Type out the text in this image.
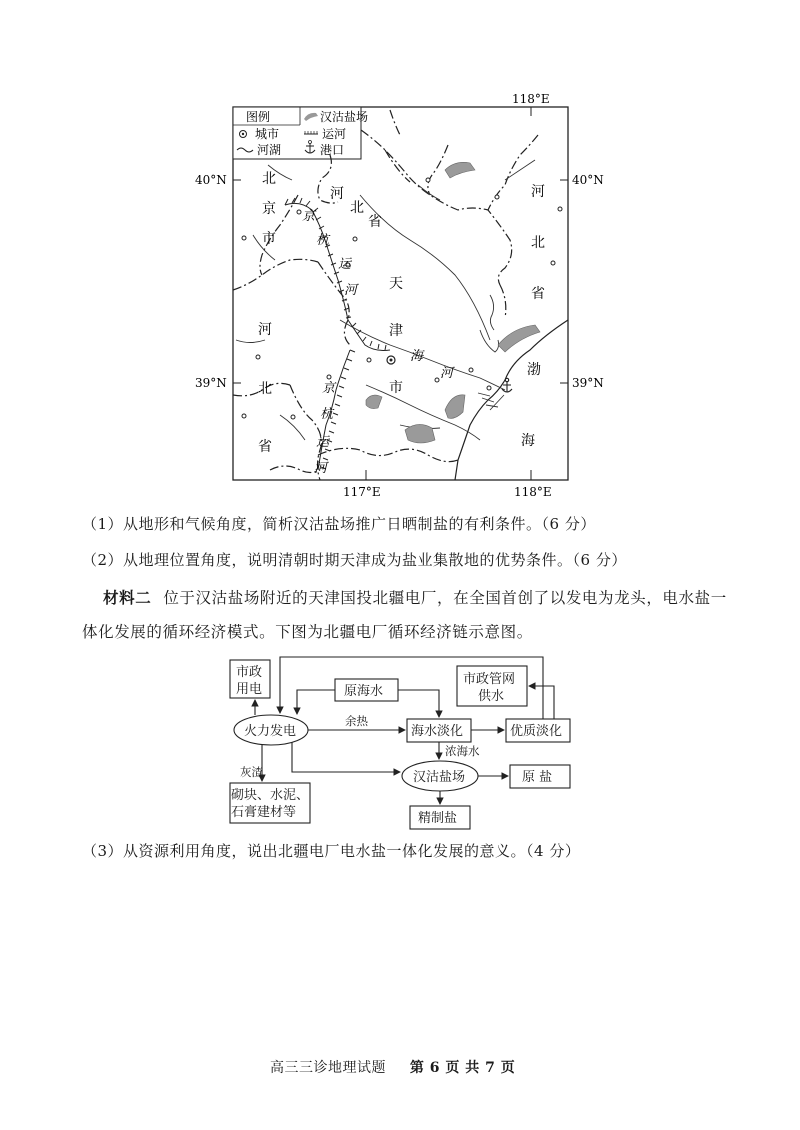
图例	汉沽盐场
城市	运河
河湖	港口
118°E
117°E	118°E
40°N	40°N
39°N	39°N
北
京
市
河
北
省
河
北
省
河
北
省
天
津
市
渤
海
京
杭
运
河
京
杭
运
河
海
河
（1）从地形和气候角度，简析汉沽盐场推广日晒制盐的有利条件。（6 分）
（2）从地理位置角度，说明清朝时期天津成为盐业集散地的优势条件。（6 分）
材料二 位于汉沽盐场附近的天津国投北疆电厂，在全国首创了以发电为龙头，电水盐一
体化发展的循环经济模式。下图为北疆电厂循环经济链示意图。
市政
用电	原海水
市政管网
供水
火力发电	海水淡化	优质淡化
汉沽盐场	原 盐
精制盐
砌块、水泥、
石膏建材等
余热
浓海水
灰渣
（3）从资源利用角度，说出北疆电厂电水盐一体化发展的意义。（4 分）
高三三诊地理试题 第 6 页 共 7 页
